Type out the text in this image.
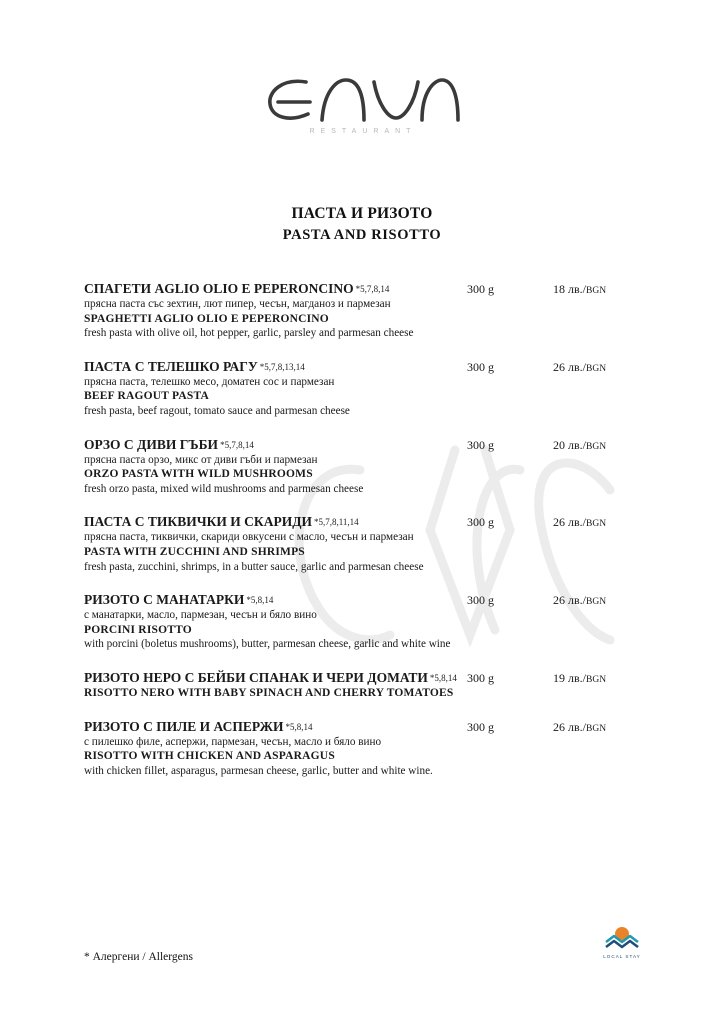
RESTAURANT
ПАСТА И РИЗОТО
PASTA AND RISOTTO
СПАГЕТИ AGLIO OLIO E PEPERONCINO *5,7,8,14	300 g	18 лв./BGN
прясна паста със зехтин, лют пипер, чесън, магданоз и пармезан
SPAGHETTI AGLIO OLIO E PEPERONCINO
fresh pasta with olive oil, hot pepper, garlic, parsley and parmesan cheese
ПАСТА С ТЕЛЕШКО РАГУ *5,7,8,13,14	300 g	26 лв./BGN
прясна паста, телешко месо, доматен сос и пармезан
BEEF RAGOUT PASTA
fresh pasta, beef ragout, tomato sauce and parmesan cheese
ОРЗО С ДИВИ ГЪБИ *5,7,8,14	300 g	20 лв./BGN
прясна паста орзо, микс от диви гъби и пармезан
ORZO PASTA WITH WILD MUSHROOMS
fresh orzo pasta, mixed wild mushrooms and parmesan cheese
ПАСТА С ТИКВИЧКИ И СКАРИДИ *5,7,8,11,14	300 g	26 лв./BGN
прясна паста, тиквички, скариди овкусени с масло, чесън и пармезан
PASTA WITH ZUCCHINI AND SHRIMPS
fresh pasta, zucchini, shrimps, in a butter sauce, garlic and parmesan cheese
РИЗОТО С МАНАТАРКИ *5,8,14	300 g	26 лв./BGN
с манатарки, масло, пармезан, чесън и бяло вино
PORCINI RISOTTO
with porcini (boletus mushrooms), butter, parmesan cheese, garlic and white wine
РИЗОТО НЕРО С БЕЙБИ СПАНАК И ЧЕРИ ДОМАТИ *5,8,14 300 g	19 лв./BGN
RISOTTO NERO WITH BABY SPINACH AND CHERRY TOMATOES
РИЗОТО С ПИЛЕ И АСПЕРЖИ *5,8,14	300 g	26 лв./BGN
с пилешко филе, аспержи, пармезан, чесън, масло и бяло вино
RISOTTO WITH CHICKEN AND ASPARAGUS
with chicken fillet, asparagus, parmesan cheese, garlic, butter and white wine.
* Алергени / Allergens	LOCAL STAY
